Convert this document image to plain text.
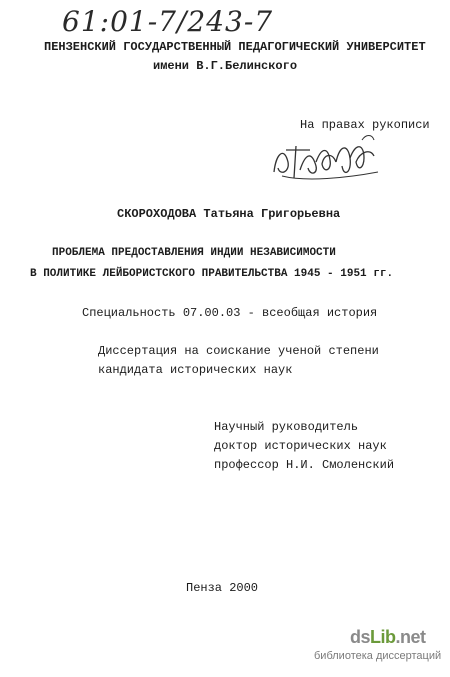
61:01-7/243-7
ПЕНЗЕНСКИЙ ГОСУДАРСТВЕННЫЙ ПЕДАГОГИЧЕСКИЙ УНИВЕРСИТЕТ
имени В.Г.Белинского
На правах рукописи
СКОРОХОДОВА Татьяна Григорьевна
ПРОБЛЕМА ПРЕДОСТАВЛЕНИЯ ИНДИИ НЕЗАВИСИМОСТИ
В ПОЛИТИКЕ ЛЕЙБОРИСТСКОГО ПРАВИТЕЛЬСТВА 1945 - 1951 гг.
Специальность 07.00.03 - всеобщая история
Диссертация на соискание ученой степени
кандидата исторических наук
Научный руководитель
доктор исторических наук
профессор Н.И. Смоленский
Пенза 2000
dsLib.net
библиотека диссертаций
